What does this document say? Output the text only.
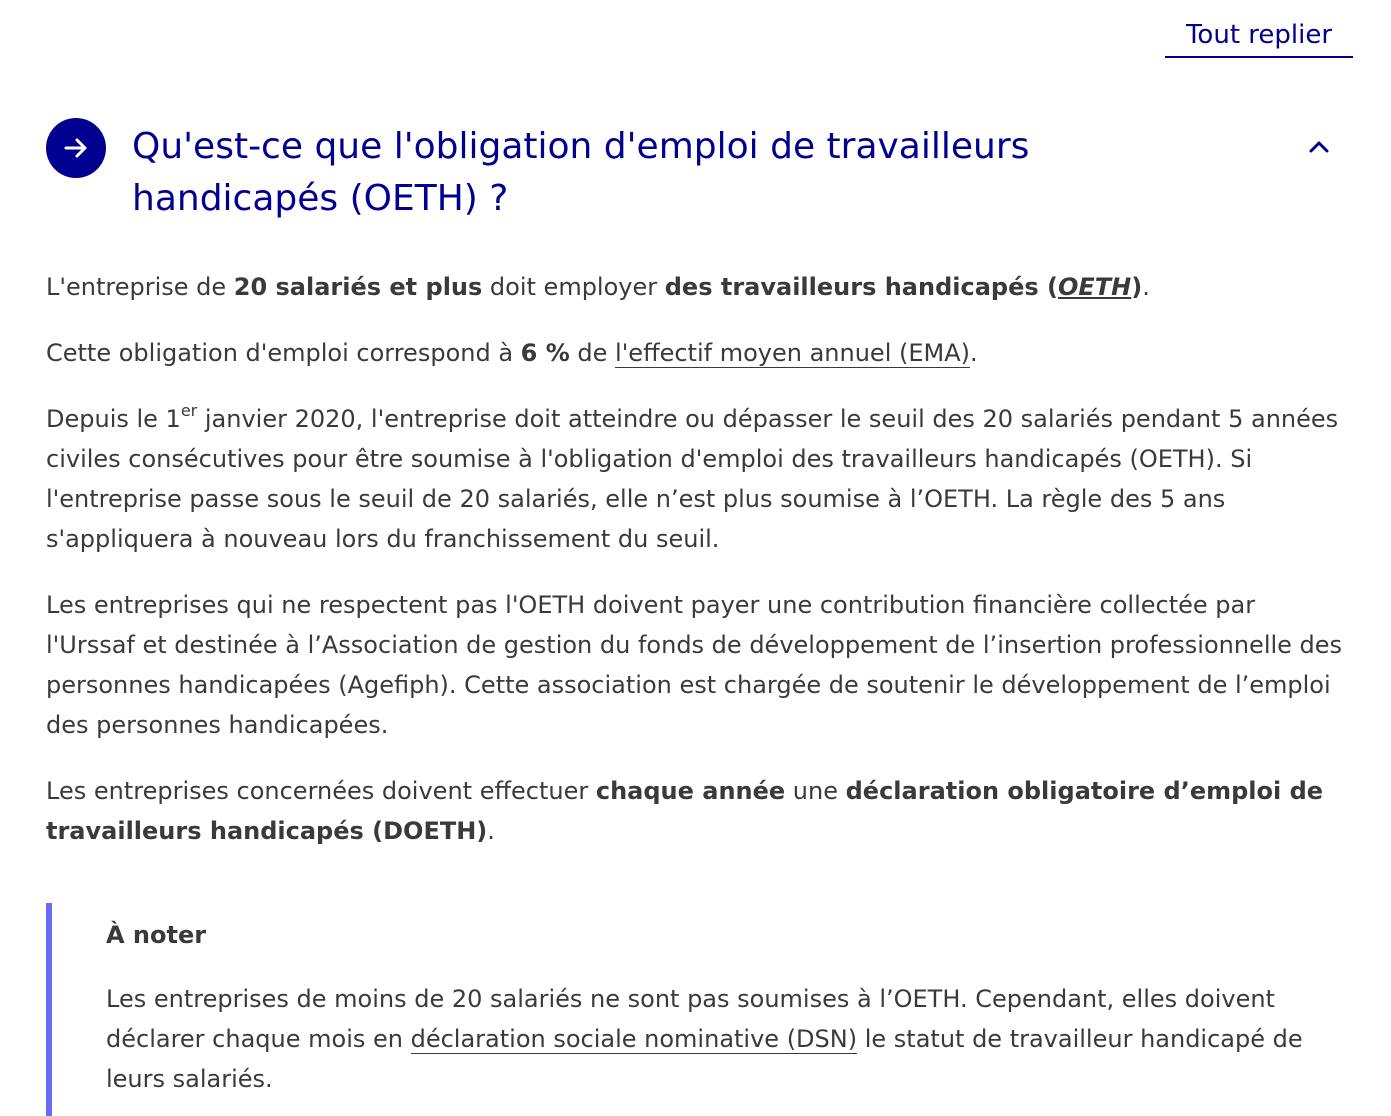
Tout replier
Qu'est-ce que l'obligation d'emploi de travailleurs handicapés (OETH) ?

L'entreprise de 20 salariés et plus doit employer des travailleurs handicapés (OETH).

Cette obligation d'emploi correspond à 6 % de l'effectif moyen annuel (EMA).

Depuis le 1er janvier 2020, l'entreprise doit atteindre ou dépasser le seuil des 20 salariés pendant 5 années civiles consécutives pour être soumise à l'obligation d'emploi des travailleurs handicapés (OETH). Si l'entreprise passe sous le seuil de 20 salariés, elle n’est plus soumise à l’OETH. La règle des 5 ans s'appliquera à nouveau lors du franchissement du seuil.

Les entreprises qui ne respectent pas l'OETH doivent payer une contribution financière collectée par l'Urssaf et destinée à l’Association de gestion du fonds de développement de l’insertion professionnelle des personnes handicapées (Agefiph). Cette association est chargée de soutenir le développement de l’emploi des personnes handicapées.

Les entreprises concernées doivent effectuer chaque année une déclaration obligatoire d’emploi de travailleurs handicapés (DOETH).

À noter

Les entreprises de moins de 20 salariés ne sont pas soumises à l’OETH. Cependant, elles doivent déclarer chaque mois en déclaration sociale nominative (DSN) le statut de travailleur handicapé de leurs salariés.
